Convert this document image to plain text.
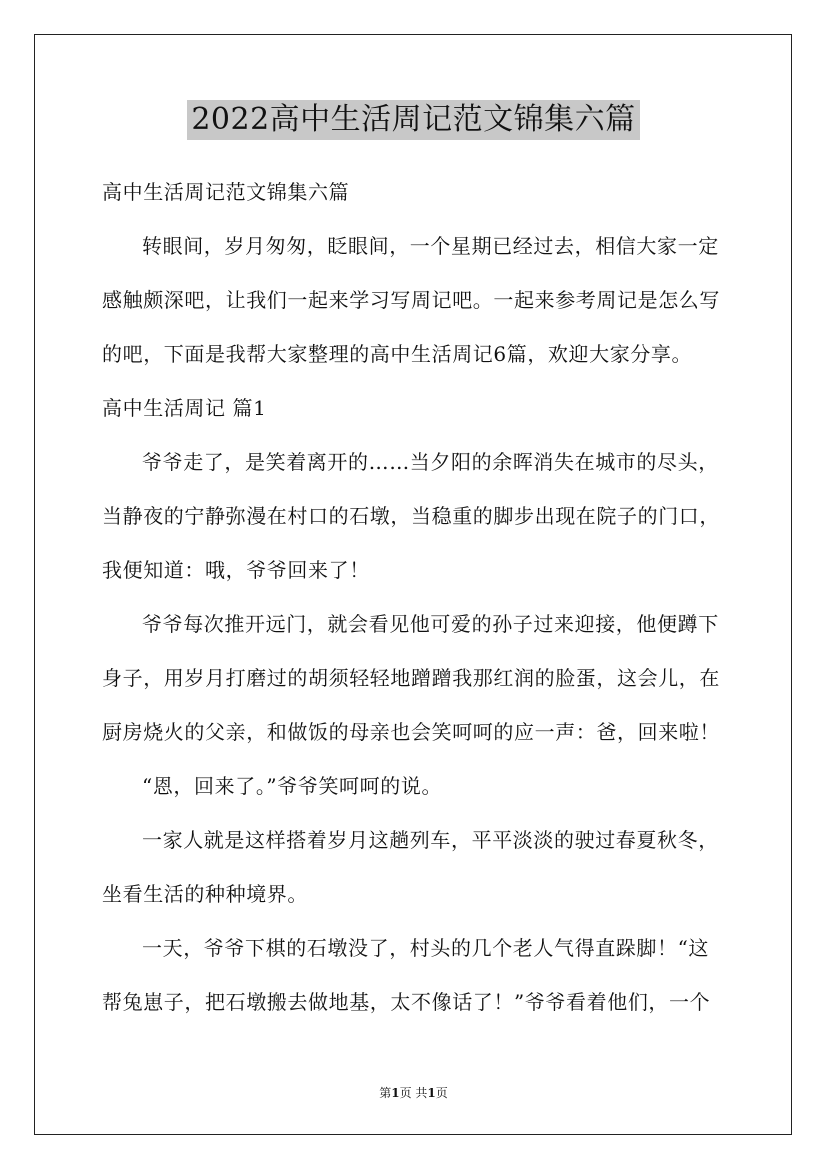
2022高中生活周记范文锦集六篇
高中生活周记范文锦集六篇
转眼间，岁月匆匆，眨眼间，一个星期已经过去，相信大家一定
感触颇深吧，让我们一起来学习写周记吧。一起来参考周记是怎么写
的吧，下面是我帮大家整理的高中生活周记6篇，欢迎大家分享。
高中生活周记 篇1
爷爷走了，是笑着离开的……当夕阳的余晖消失在城市的尽头，
当静夜的宁静弥漫在村口的石墩，当稳重的脚步出现在院子的门口，
我便知道：哦，爷爷回来了！
爷爷每次推开远门，就会看见他可爱的孙子过来迎接，他便蹲下
身子，用岁月打磨过的胡须轻轻地蹭蹭我那红润的脸蛋，这会儿，在
厨房烧火的父亲，和做饭的母亲也会笑呵呵的应一声：爸，回来啦！
“恩，回来了。”爷爷笑呵呵的说。
一家人就是这样搭着岁月这趟列车，平平淡淡的驶过春夏秋冬，
坐看生活的种种境界。
一天，爷爷下棋的石墩没了，村头的几个老人气得直跺脚！“这
帮兔崽子，把石墩搬去做地基，太不像话了！”爷爷看着他们，一个
第1页 共1页
